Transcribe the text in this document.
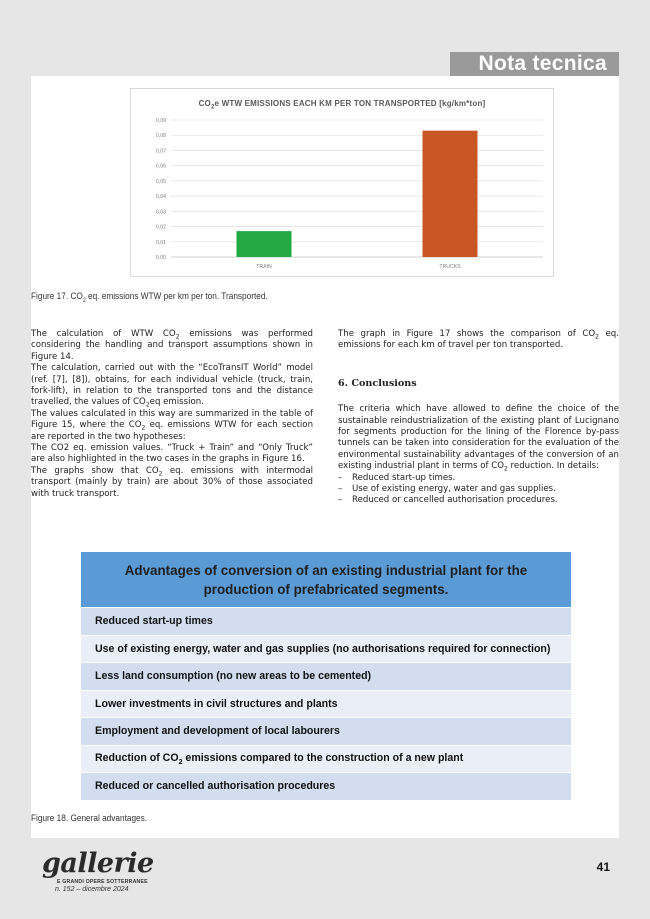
Nota tecnica
$CO_2e$ WTW EMISSIONS EACH KM PER TON TRANSPORTED [kg/km*ton]
0,00
0,01
0,02
0,03
0,04
0,05
0,06
0,07
0,08
0,09
TRAIN	TRUCKS
Figure 17. $CO_2$ eq. emissions WTW per km per ton. Transported.

The calculation of WTW $CO_2$ emissions was performed considering the handling and transport assumptions shown in Figure 14.

The calculation, carried out with the “EcoTransIT World” model (ref. [7], [8]), obtains, for each individual vehicle (truck, train, fork-lift), in relation to the transported tons and the distance travelled, the values of $CO_2eq$ emission.

The values calculated in this way are summarized in the table of Figure 15, where the $CO_2$ eq. emissions WTW for each section are reported in the two hypotheses:

The CO2 eq. emission values. “Truck + Train” and “Only Truck” are also highlighted in the two cases in the graphs in Figure 16.

The graphs show that $CO_2$ eq. emissions with intermodal transport (mainly by train) are about 30% of those associated with truck transport.

The graph in Figure 17 shows the comparison of $CO_2$ eq. emissions for each km of travel per ton transported.

6. Conclusions

The criteria which have allowed to define the choice of the sustainable reindustrialization of the existing plant of Lucignano for segments production for the lining of the Florence by-pass tunnels can be taken into consideration for the evaluation of the environmental sustainability advantages of the conversion of an existing industrial plant in terms of $CO_2$ reduction. In details:

–	Reduced start-up times.
–	Use of existing energy, water and gas supplies.
–	Reduced or cancelled authorisation procedures.
Advantages of conversion of an existing industrial plant for the production of prefabricated segments.
Reduced start-up times
Use of existing energy, water and gas supplies (no authorisations required for connection)
Less land consumption (no new areas to be cemented)
Lower investments in civil structures and plants
Employment and development of local labourers
Reduction of $CO_2$ emissions compared to the construction of a new plant
Reduced or cancelled authorisation procedures
Figure 18. General advantages.
gallerie
E GRANDI OPERE SOTTERRANEE
n. 152 – dicembre 2024
41
